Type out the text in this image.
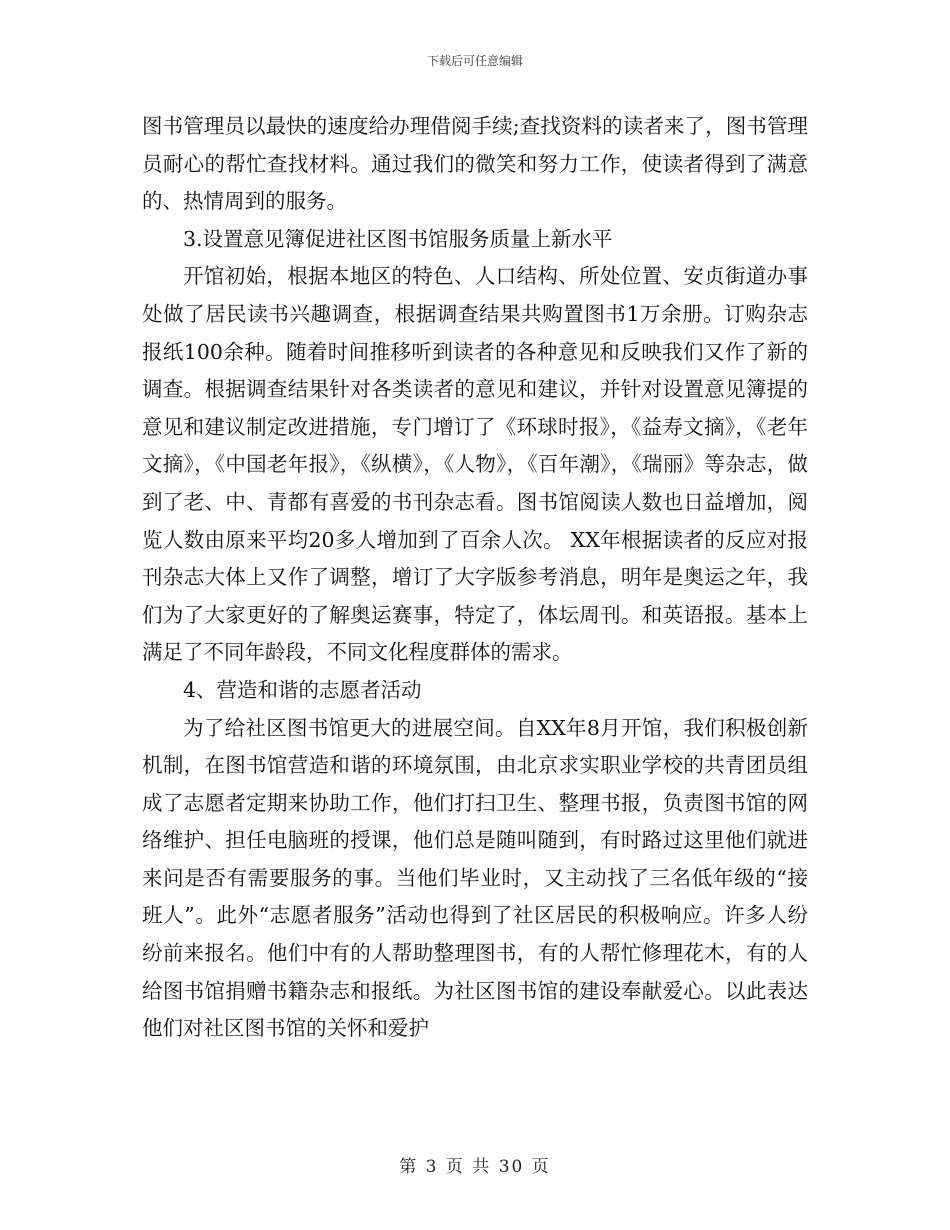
下载后可任意编辑

图书管理员以最快的速度给办理借阅手续;查找资料的读者来了，图书管理员耐心的帮忙查找材料。通过我们的微笑和努力工作，使读者得到了满意的、热情周到的服务。

3.设置意见簿促进社区图书馆服务质量上新水平

开馆初始，根据本地区的特色、人口结构、所处位置、安贞街道办事处做了居民读书兴趣调查，根据调查结果共购置图书1万余册。订购杂志 报纸100余种。随着时间推移听到读者的各种意见和反映我们又作了新的调查。根据调查结果针对各类读者的意见和建议，并针对设置意见簿提的意见和建议制定改进措施，专门增订了《环球时报》，《益寿文摘》，《老年文摘》，《中国老年报》，《纵横》，《人物》，《百年潮》，《瑞丽》等杂志，做到了老、中、青都有喜爱的书刊杂志看。图书馆阅读人数也日益增加，阅览人数由原来平均20多人增加到了百余人次。 XX年根据读者的反应对报刊杂志大体上又作了调整，增订了大字版参考消息，明年是奥运之年，我们为了大家更好的了解奥运赛事，特定了，体坛周刊。和英语报。基本上满足了不同年龄段，不同文化程度群体的需求。

4、营造和谐的志愿者活动

为了给社区图书馆更大的进展空间。自XX年8月开馆，我们积极创新机制，在图书馆营造和谐的环境氛围，由北京求实职业学校的共青团员组成了志愿者定期来协助工作，他们打扫卫生、整理书报，负责图书馆的网络维护、担任电脑班的授课，他们总是随叫随到，有时路过这里他们就进来问是否有需要服务的事。当他们毕业时，又主动找了三名低年级的“接班人”。此外“志愿者服务”活动也得到了社区居民的积极响应。许多人纷纷前来报名。他们中有的人帮助整理图书，有的人帮忙修理花木，有的人给图书馆捐赠书籍杂志和报纸。为社区图书馆的建设奉献爱心。以此表达他们对社区图书馆的关怀和爱护

第 3 页 共 30 页
